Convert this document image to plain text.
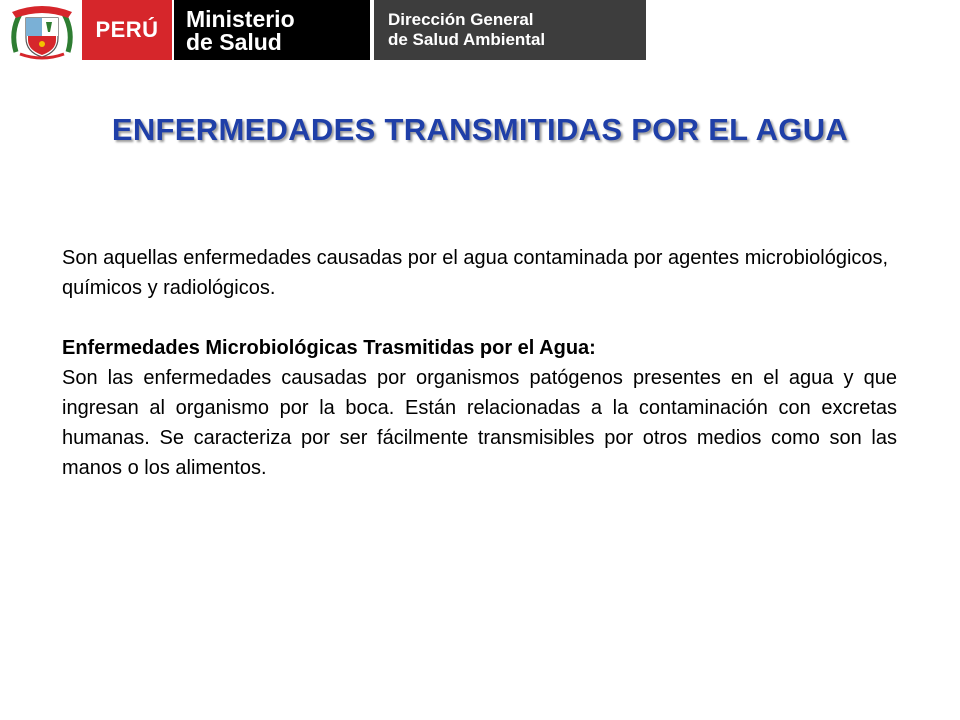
PERÚ	Ministerio
de Salud
Dirección General
de Salud Ambiental
ENFERMEDADES TRANSMITIDAS POR EL AGUA

Son aquellas enfermedades causadas por el agua contaminada por agentes microbiológicos, químicos y radiológicos.

Enfermedades Microbiológicas Trasmitidas por el Agua:

Son las enfermedades causadas por organismos patógenos presentes en el agua y que ingresan al organismo por la boca. Están relacionadas a la contaminación con excretas humanas. Se caracteriza por ser fácilmente transmisibles por otros medios como son las manos o los alimentos.
